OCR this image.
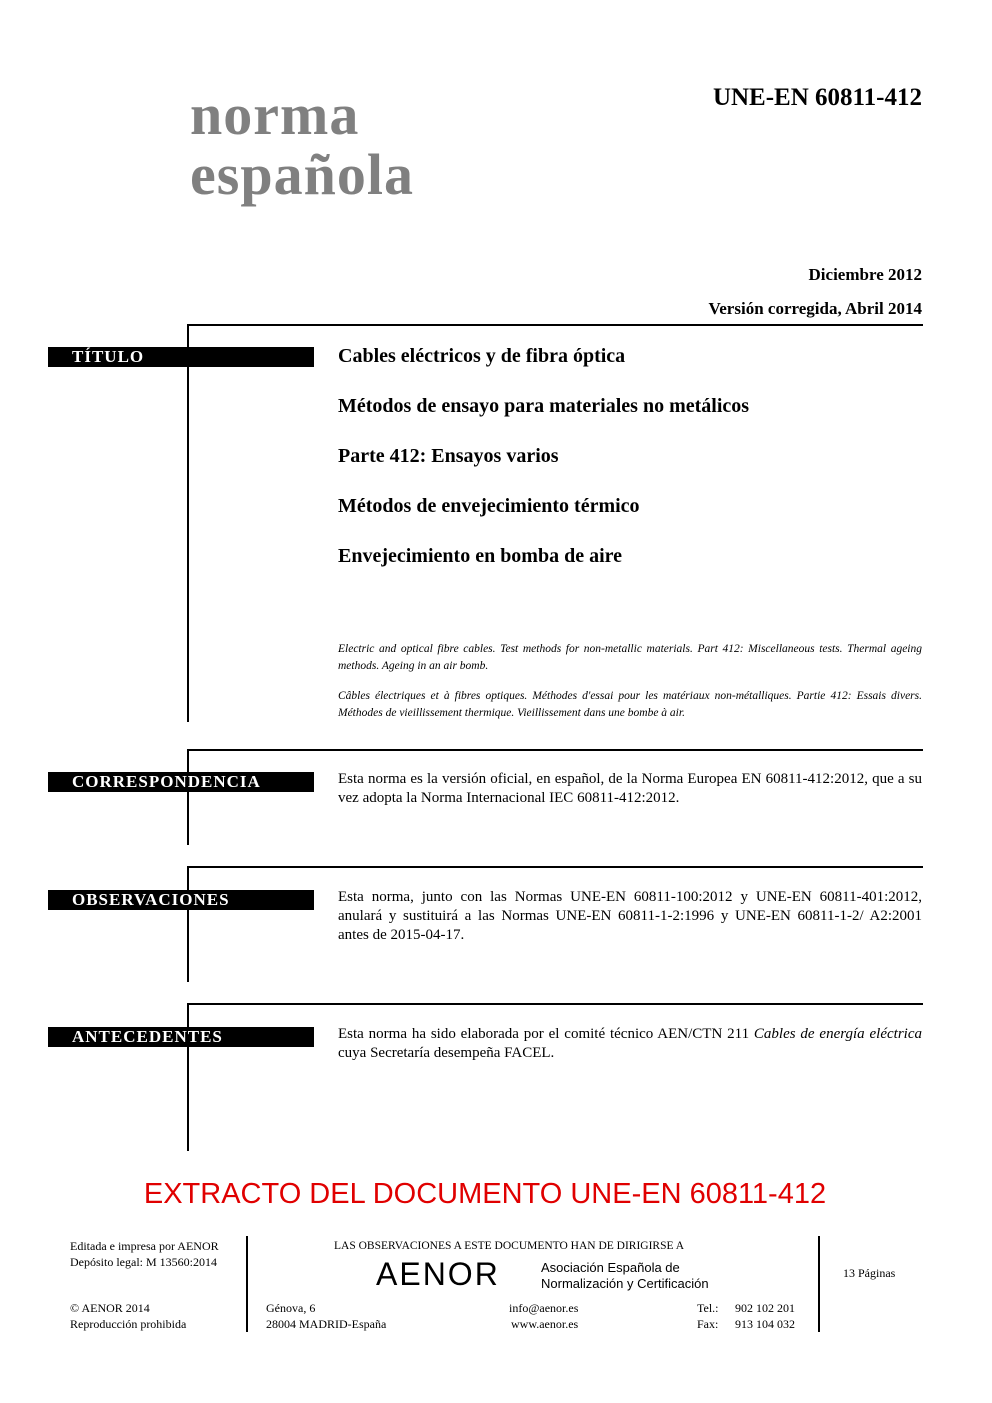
norma
española
UNE-EN 60811-412
Diciembre 2012
Versión corregida, Abril 2014
TÍTULO	Cables eléctricos y de fibra óptica
Métodos de ensayo para materiales no metálicos
Parte 412: Ensayos varios
Métodos de envejecimiento térmico
Envejecimiento en bomba de aire
Electric and optical fibre cables. Test methods for non-metallic materials. Part 412: Miscellaneous tests. Thermal ageing methods. Ageing in an air bomb.
Câbles électriques et à fibres optiques. Méthodes d'essai pour les matériaux non-métalliques. Partie 412: Essais divers. Méthodes de vieillissement thermique. Vieillissement dans une bombe à air.
CORRESPONDENCIA	Esta norma es la versión oficial, en español, de la Norma Europea EN 60811-412:2012, que a su vez adopta la Norma Internacional IEC 60811-412:2012.
OBSERVACIONES	Esta norma, junto con las Normas UNE-EN 60811-100:2012 y UNE-EN 60811-401:2012, anulará y sustituirá a las Normas UNE-EN 60811-1-2:1996 y UNE-EN 60811-1-2/ A2:2001 antes de 2015-04-17.
ANTECEDENTES	Esta norma ha sido elaborada por el comité técnico AEN/CTN 211 Cables de energía eléctrica cuya Secretaría desempeña FACEL.
EXTRACTO DEL DOCUMENTO UNE-EN 60811-412
Editada e impresa por AENOR
Depósito legal: M 13560:2014
© AENOR 2014
Reproducción prohibida
LAS OBSERVACIONES A ESTE DOCUMENTO HAN DE DIRIGIRSE A
AENOR	Asociación Española de
Normalización y Certificación
Génova, 6
28004 MADRID-España
info@aenor.es
www.aenor.es
Tel.: 902 102 201
Fax: 913 104 032
13 Páginas
